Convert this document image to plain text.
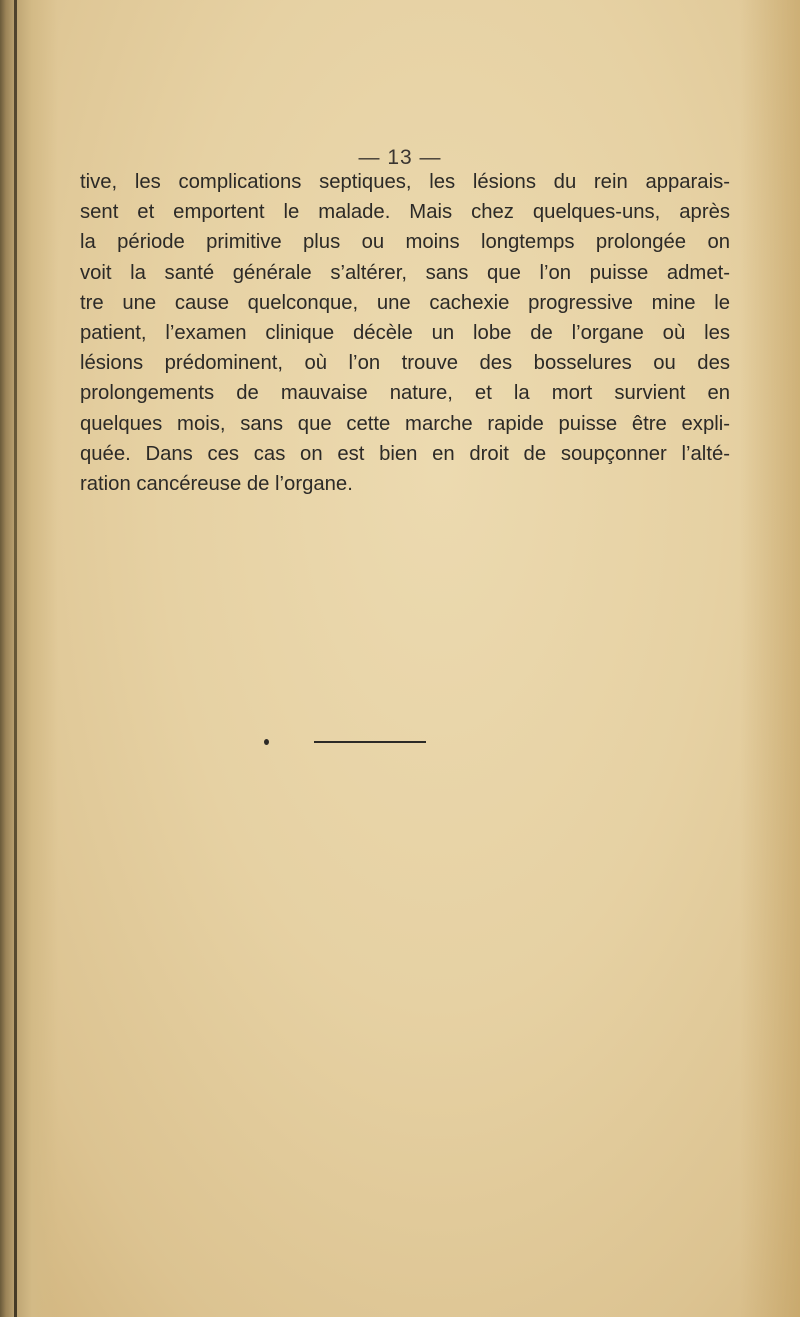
— 13 —

tive, les complications septiques, les lésions du rein apparais-
sent et emportent le malade. Mais chez quelques-uns, après
la période primitive plus ou moins longtemps prolongée on
voit la santé générale s’altérer, sans que l’on puisse admet-
tre une cause quelconque, une cachexie progressive mine le
patient, l’examen clinique décèle un lobe de l’organe où les
lésions prédominent, où l’on trouve des bosselures ou des
prolongements de mauvaise nature, et la mort survient en
quelques mois, sans que cette marche rapide puisse être expli-
quée. Dans ces cas on est bien en droit de soupçonner l’alté-
ration cancéreuse de l’organe.
